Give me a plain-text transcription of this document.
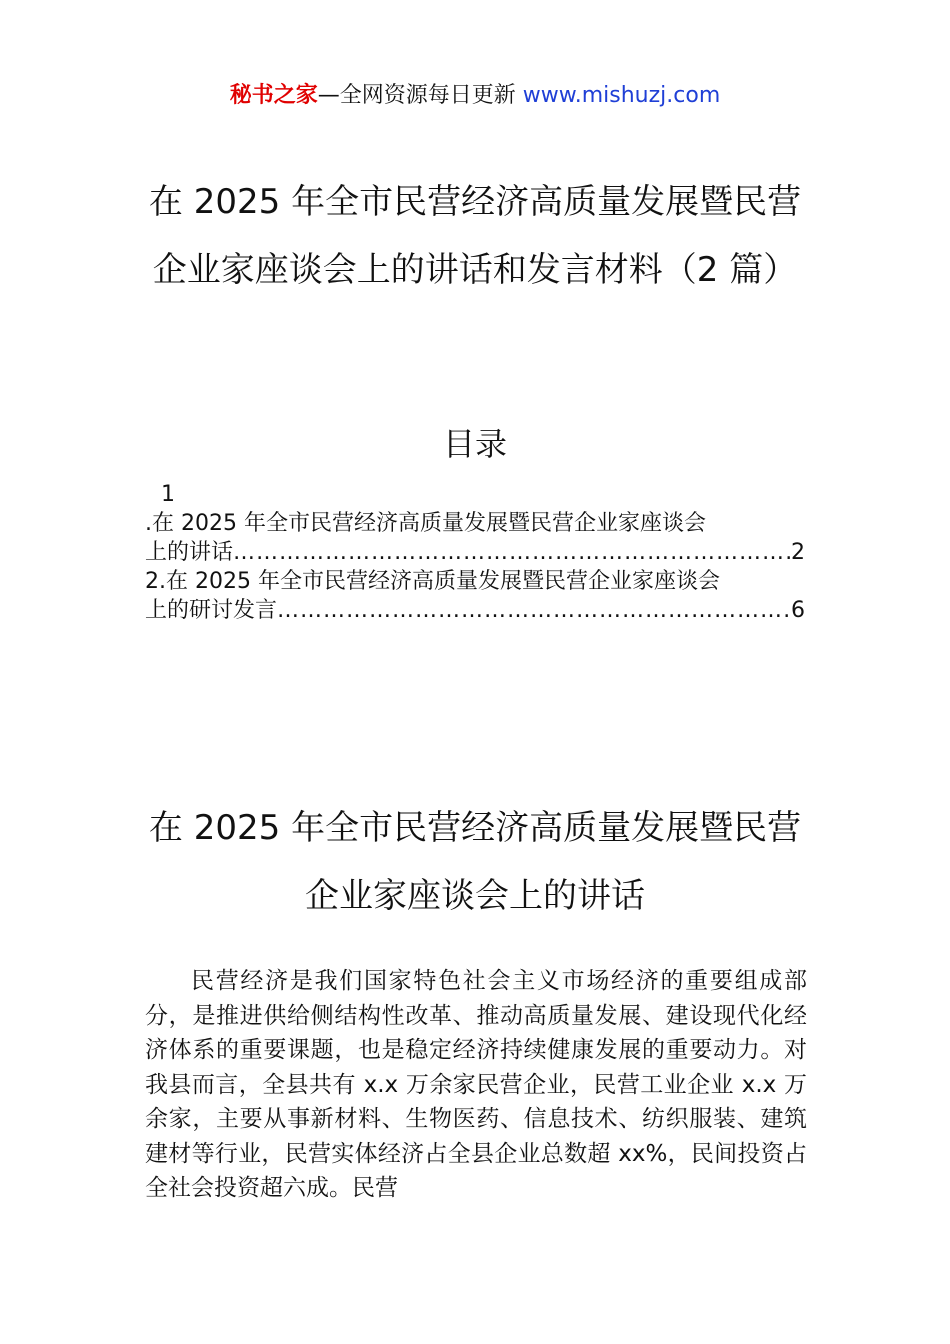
秘书之家—全网资源每日更新 www.mishuzj.com
在 2025 年全市民营经济高质量发展暨民营企业家座谈会上的讲话和发言材料（2 篇）
目录
1
.在 2025 年全市民营经济高质量发展暨民营企业家座谈会
上的讲话 ………………………………………………………………………………………………………………	2
2.在 2025 年全市民营经济高质量发展暨民营企业家座谈会
上的研讨发言 ………………………………………………………………………………………………………………	6
在 2025 年全市民营经济高质量发展暨民营企业家座谈会上的讲话

民营经济是我们国家特色社会主义市场经济的重要组成部分，是推进供给侧结构性改革、推动高质量发展、建设现代化经济体系的重要课题，也是稳定经济持续健康发展的重要动力。对我县而言，全县共有 x.x 万余家民营企业，民营工业企业 x.x 万余家，主要从事新材料、生物医药、信息技术、纺织服装、建筑建材等行业，民营实体经济占全县企业总数超 xx%，民间投资占全社会投资超六成。民营
